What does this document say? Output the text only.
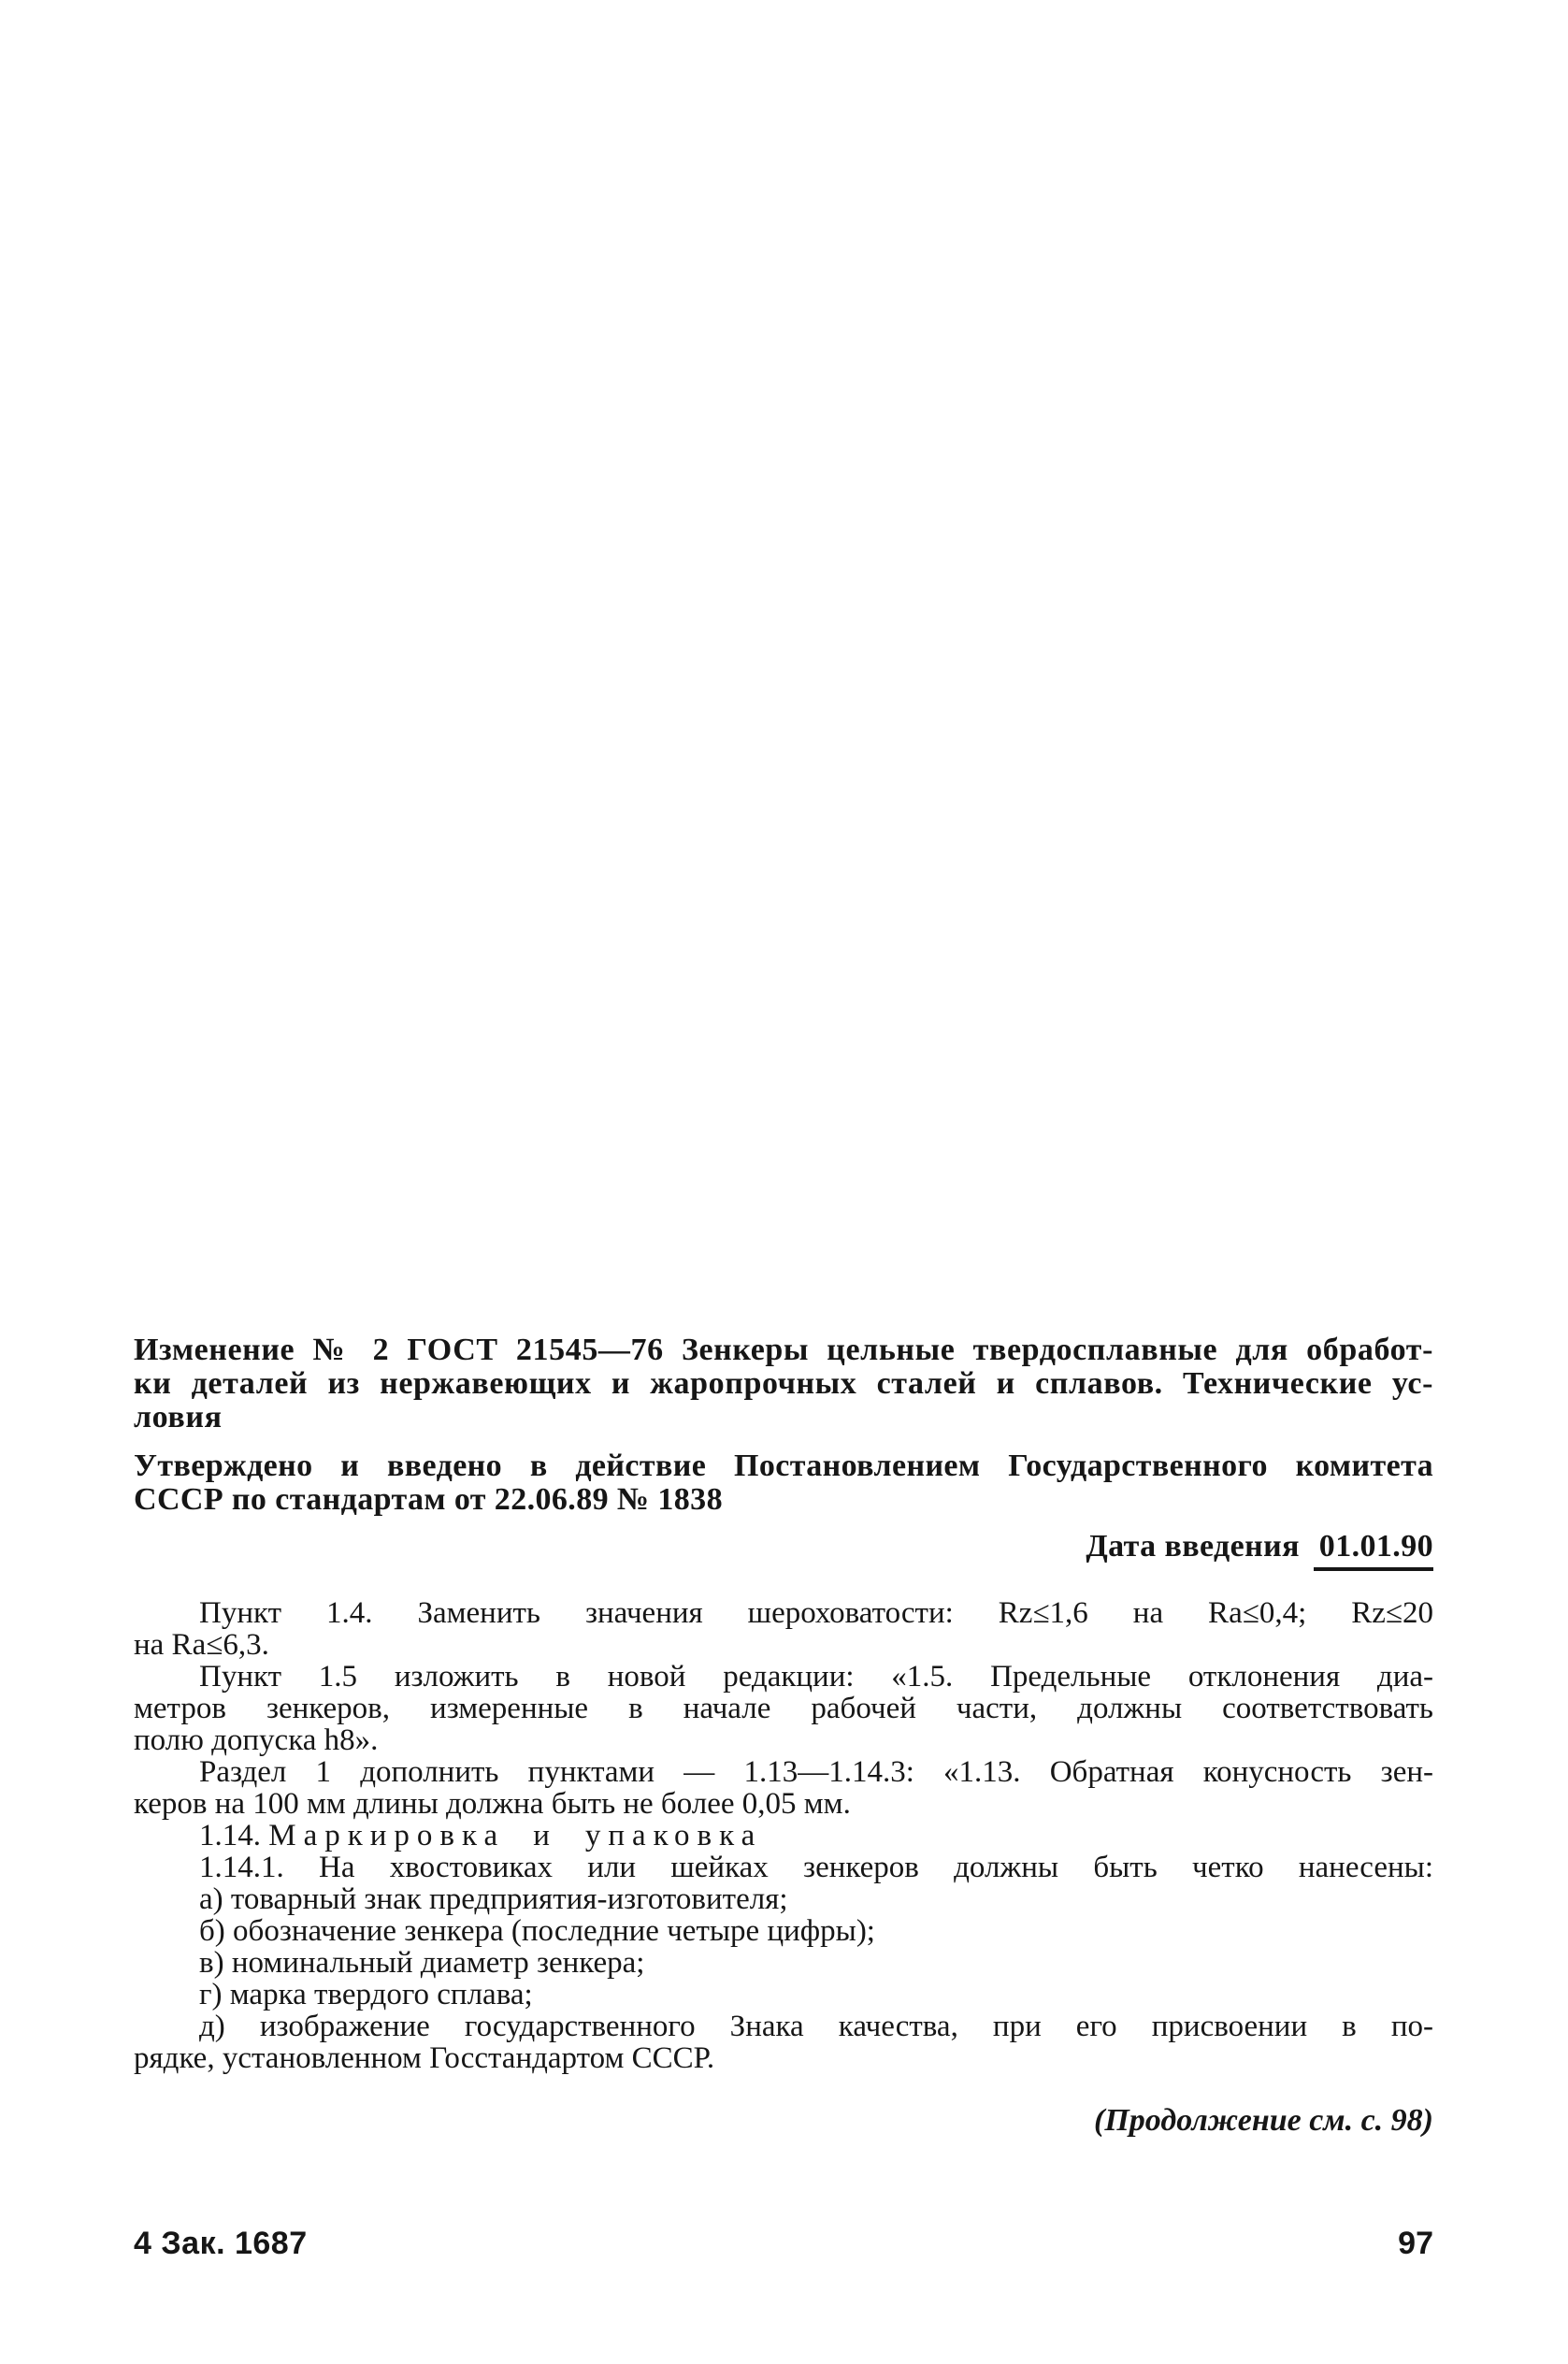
Изменение № 2 ГОСТ 21545—76 Зенкеры цельные твердосплавные для обработ-
ки деталей из нержавеющих и жаропрочных сталей и сплавов. Технические ус-
ловия
Утверждено и введено в действие Постановлением Государственного комитета
СССР по стандартам от 22.06.89 № 1838
Дата введения 01.01.90
Пункт 1.4. Заменить значения шероховатости: Rz≤1,6 на Ra≤0,4; Rz≤20
на Ra≤6,3.
Пункт 1.5 изложить в новой редакции: «1.5. Предельные отклонения диа-
метров зенкеров, измеренные в начале рабочей части, должны соответствовать
полю допуска h8».
Раздел 1 дополнить пунктами — 1.13—1.14.3: «1.13. Обратная конусность зен-
керов на 100 мм длины должна быть не более 0,05 мм.
1.14. Маркировка и упаковка
1.14.1. На хвостовиках или шейках зенкеров должны быть четко нанесены:
а) товарный знак предприятия-изготовителя;
б) обозначение зенкера (последние четыре цифры);
в) номинальный диаметр зенкера;
г) марка твердого сплава;
д) изображение государственного Знака качества, при его присвоении в по-
рядке, установленном Госстандартом СССР.
(Продолжение см. с. 98)
4 Зак. 1687	97
